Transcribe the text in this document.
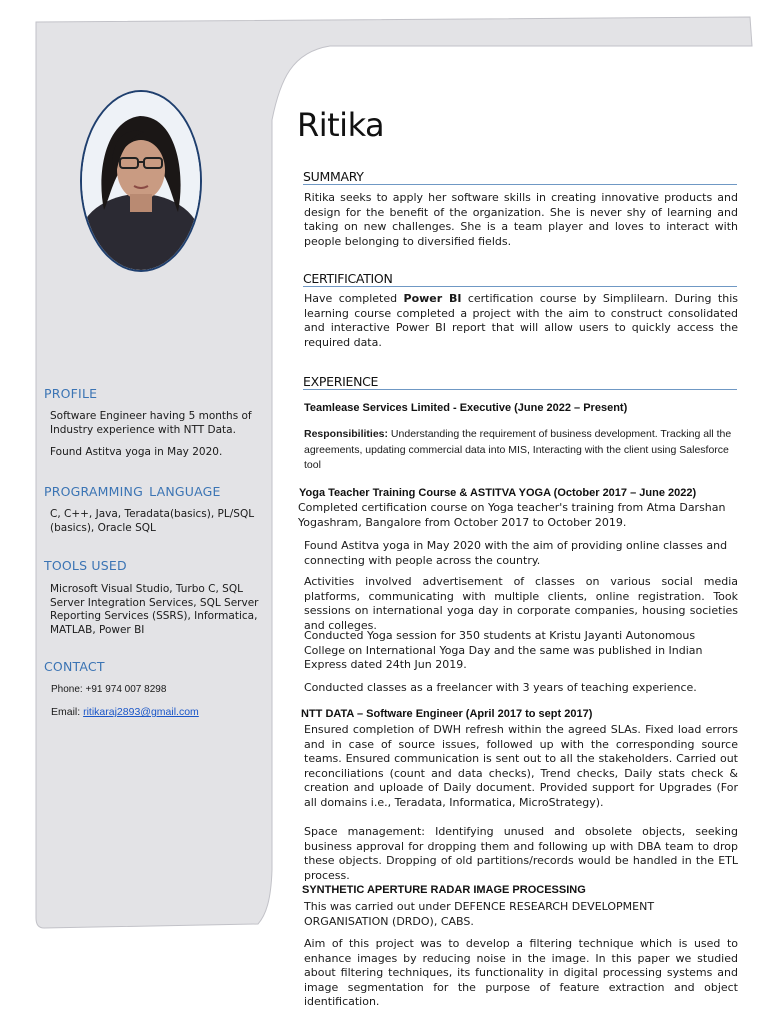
Ritika
SUMMARY
Ritika seeks to apply her software skills in creating innovative products and design for the benefit of the organization. She is never shy of learning and taking on new challenges. She is a team player and loves to interact with people belonging to diversified fields.
CERTIFICATION
Have completed Power BI certification course by Simplilearn. During this learning course completed a project with the aim to construct consolidated and interactive Power BI report that will allow users to quickly access the required data.
EXPERIENCE
Teamlease Services Limited - Executive (June 2022 – Present)
Responsibilities: Understanding the requirement of business development. Tracking all the agreements, updating commercial data into MIS, Interacting with the client using Salesforce tool
Yoga Teacher Training Course & ASTITVA YOGA (October 2017 – June 2022)
Completed certification course on Yoga teacher's training from Atma Darshan Yogashram, Bangalore from October 2017 to October 2019.
Found Astitva yoga in May 2020 with the aim of providing online classes and connecting with people across the country.
Activities involved advertisement of classes on various social media platforms, communicating with multiple clients, online registration. Took sessions on international yoga day in corporate companies, housing societies and colleges.
Conducted Yoga session for 350 students at Kristu Jayanti Autonomous College on International Yoga Day and the same was published in Indian Express dated 24th Jun 2019.
Conducted classes as a freelancer with 3 years of teaching experience.
NTT DATA – Software Engineer (April 2017 to sept 2017)
Ensured completion of DWH refresh within the agreed SLAs. Fixed load errors and in case of source issues, followed up with the corresponding source teams. Ensured communication is sent out to all the stakeholders. Carried out reconciliations (count and data checks), Trend checks, Daily stats check & creation and uploade of Daily document. Provided support for Upgrades (For all domains i.e., Teradata, Informatica, MicroStrategy).
Space management: Identifying unused and obsolete objects, seeking business approval for dropping them and following up with DBA team to drop these objects. Dropping of old partitions/records would be handled in the ETL process.
SYNTHETIC APERTURE RADAR IMAGE PROCESSING
This was carried out under DEFENCE RESEARCH DEVELOPMENT ORGANISATION (DRDO), CABS.
Aim of this project was to develop a filtering technique which is used to enhance images by reducing noise in the image. In this paper we studied about filtering techniques, its functionality in digital processing systems and image segmentation for the purpose of feature extraction and object identification.
PROFILE
Software Engineer having 5 months of Industry experience with NTT Data.
Found Astitva yoga in May 2020.
PROGRAMMING LANGUAGE
C, C++, Java, Teradata(basics), PL/SQL (basics), Oracle SQL
TOOLS USED
Microsoft Visual Studio, Turbo C, SQL Server Integration Services, SQL Server Reporting Services (SSRS), Informatica, MATLAB, Power BI
CONTACT
Phone: +91 974 007 8298
Email: ritikaraj2893@gmail.com
